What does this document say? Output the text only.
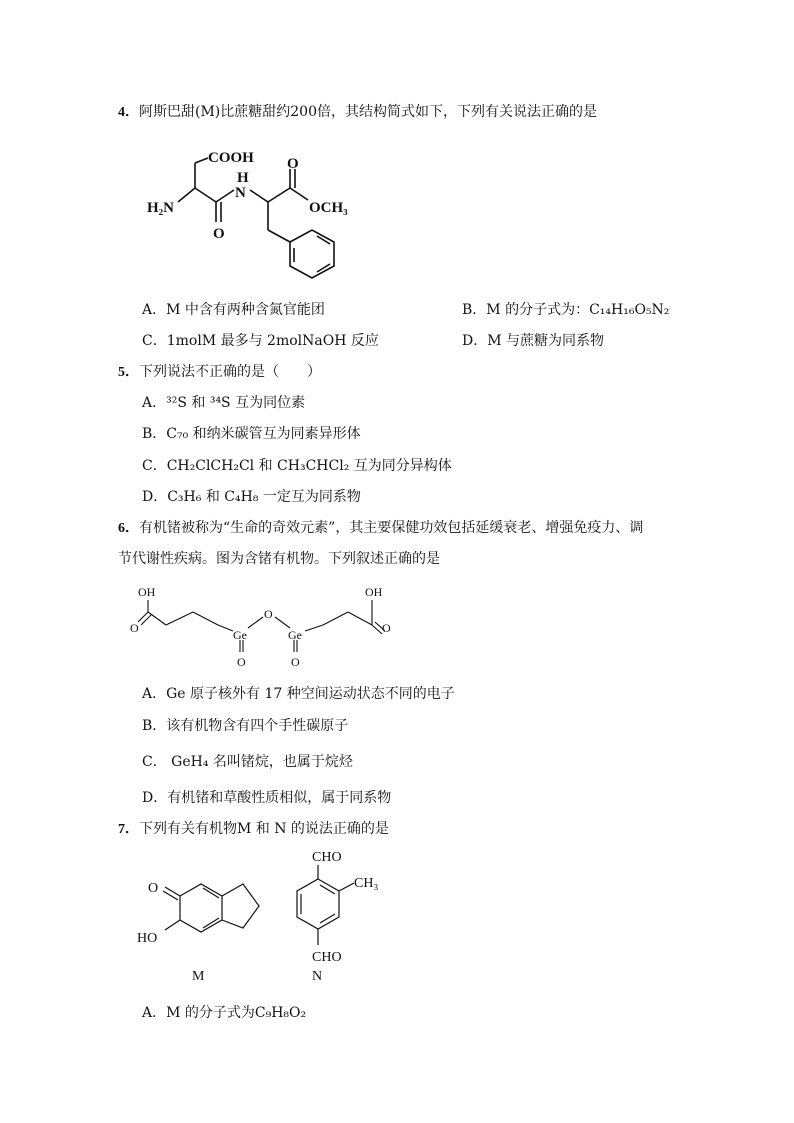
4．阿斯巴甜(M)比蔗糖甜约200倍，其结构简式如下，下列有关说法正确的是
COOH
H
N
H₂N
O
O
OCH₃
A．M 中含有两种含氮官能团	B．M 的分子式为：C₁₄H₁₆O₅N₂
C．1molM 最多与 2molNaOH 反应	D．M 与蔗糖为同系物
5．下列说法不正确的是（　　）
A．³²S 和 ³⁴S 互为同位素
B．C₇₀ 和纳米碳管互为同素异形体
C．CH₂ClCH₂Cl 和 CH₃CHCl₂ 互为同分异构体
D．C₃H₆ 和 C₄H₈ 一定互为同系物
6．有机锗被称为“生命的奇效元素”，其主要保健功效包括延缓衰老、增强免疫力、调
节代谢性疾病。图为含锗有机物。下列叙述正确的是
OH
O	Ge
O
Ge
OH
O
O	O
A．Ge 原子核外有 17 种空间运动状态不同的电子
B．该有机物含有四个手性碳原子
C． GeH₄ 名叫锗烷，也属于烷烃
D．有机锗和草酸性质相似，属于同系物
7．下列有关有机物M 和 N 的说法正确的是
O
HO
M
CHO
CH₃
CHO
N
A．M 的分子式为C₉H₈O₂
